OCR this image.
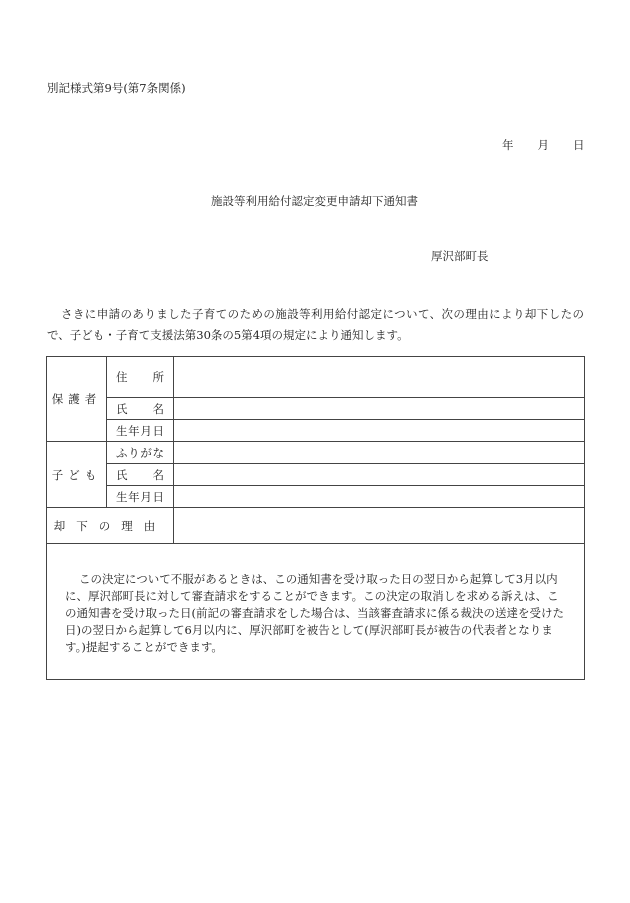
別記様式第9号(第7条関係)
年 月 日
施設等利用給付認定変更申請却下通知書
厚沢部町長
さきに申請のありました子育てのための施設等利用給付認定について、次の理由により却下したので、子ども・子育て支援法第30条の5第4項の規定により通知します。
保護者	住所	
	氏名	
	生年月日	
子ども	ふりがな	
	氏名	
	生年月日	
却下の理由		
この決定について不服があるときは、この通知書を受け取った日の翌日から起算して3月以内に、厚沢部町長に対して審査請求をすることができます。この決定の取消しを求める訴えは、この通知書を受け取った日(前記の審査請求をした場合は、当該審査請求に係る裁決の送達を受けた日)の翌日から起算して6月以内に、厚沢部町を被告として(厚沢部町長が被告の代表者となります。)提起することができます。		
